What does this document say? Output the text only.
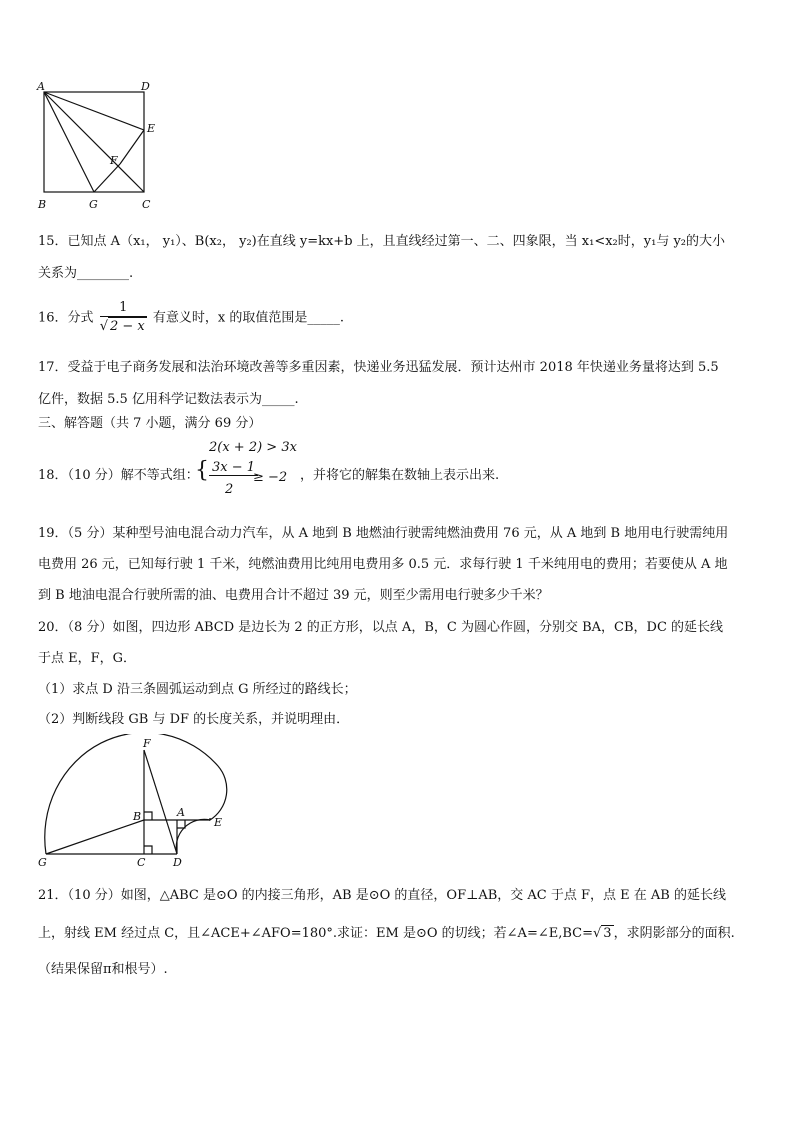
A	D
E
F
B	G	C
15．已知点 A（x₁， y₁）、B(x₂， y₂)在直线 y=kx+b 上，且直线经过第一、二、四象限，当 x₁<x₂时，y₁与 y₂的大小
关系为________.
16．分式 $\frac{1}{√ 2 - x}$ 有意义时，x 的取值范围是_____.
17．受益于电子商务发展和法治环境改善等多重因素，快递业务迅猛发展．预计达州市 2018 年快递业务量将达到 5.5
亿件，数据 5.5 亿用科学记数法表示为_____.
三、解答题（共 7 小题，满分 69 分）
18．（10 分）解不等式组：
2(x + 2) > 3x
{ 3x − 1
2
≥ −2 ，并将它的解集在数轴上表示出来.
19．（5 分）某种型号油电混合动力汽车，从 A 地到 B 地燃油行驶需纯燃油费用 76 元，从 A 地到 B 地用电行驶需纯用
电费用 26 元，已知每行驶 1 千米，纯燃油费用比纯用电费用多 0.5 元．求每行驶 1 千米纯用电的费用；若要使从 A 地
到 B 地油电混合行驶所需的油、电费用合计不超过 39 元，则至少需用电行驶多少千米？
20．（8 分）如图，四边形 ABCD 是边长为 2 的正方形，以点 A，B，C 为圆心作圆，分别交 BA，CB，DC 的延长线
于点 E，F，G．
（1）求点 D 沿三条圆弧运动到点 G 所经过的路线长；
（2）判断线段 GB 与 DF 的长度关系，并说明理由．
F
B	A
E
G	C	D
21．（10 分）如图，△ABC 是⊙O 的内接三角形，AB 是⊙O 的直径，OF⊥AB，交 AC 于点 F，点 E 在 AB 的延长线
上，射线 EM 经过点 C，且∠ACE+∠AFO=180°.求证：EM 是⊙O 的切线；若∠A=∠E,BC=√ 3 ，求阴影部分的面积.
（结果保留π和根号）.
